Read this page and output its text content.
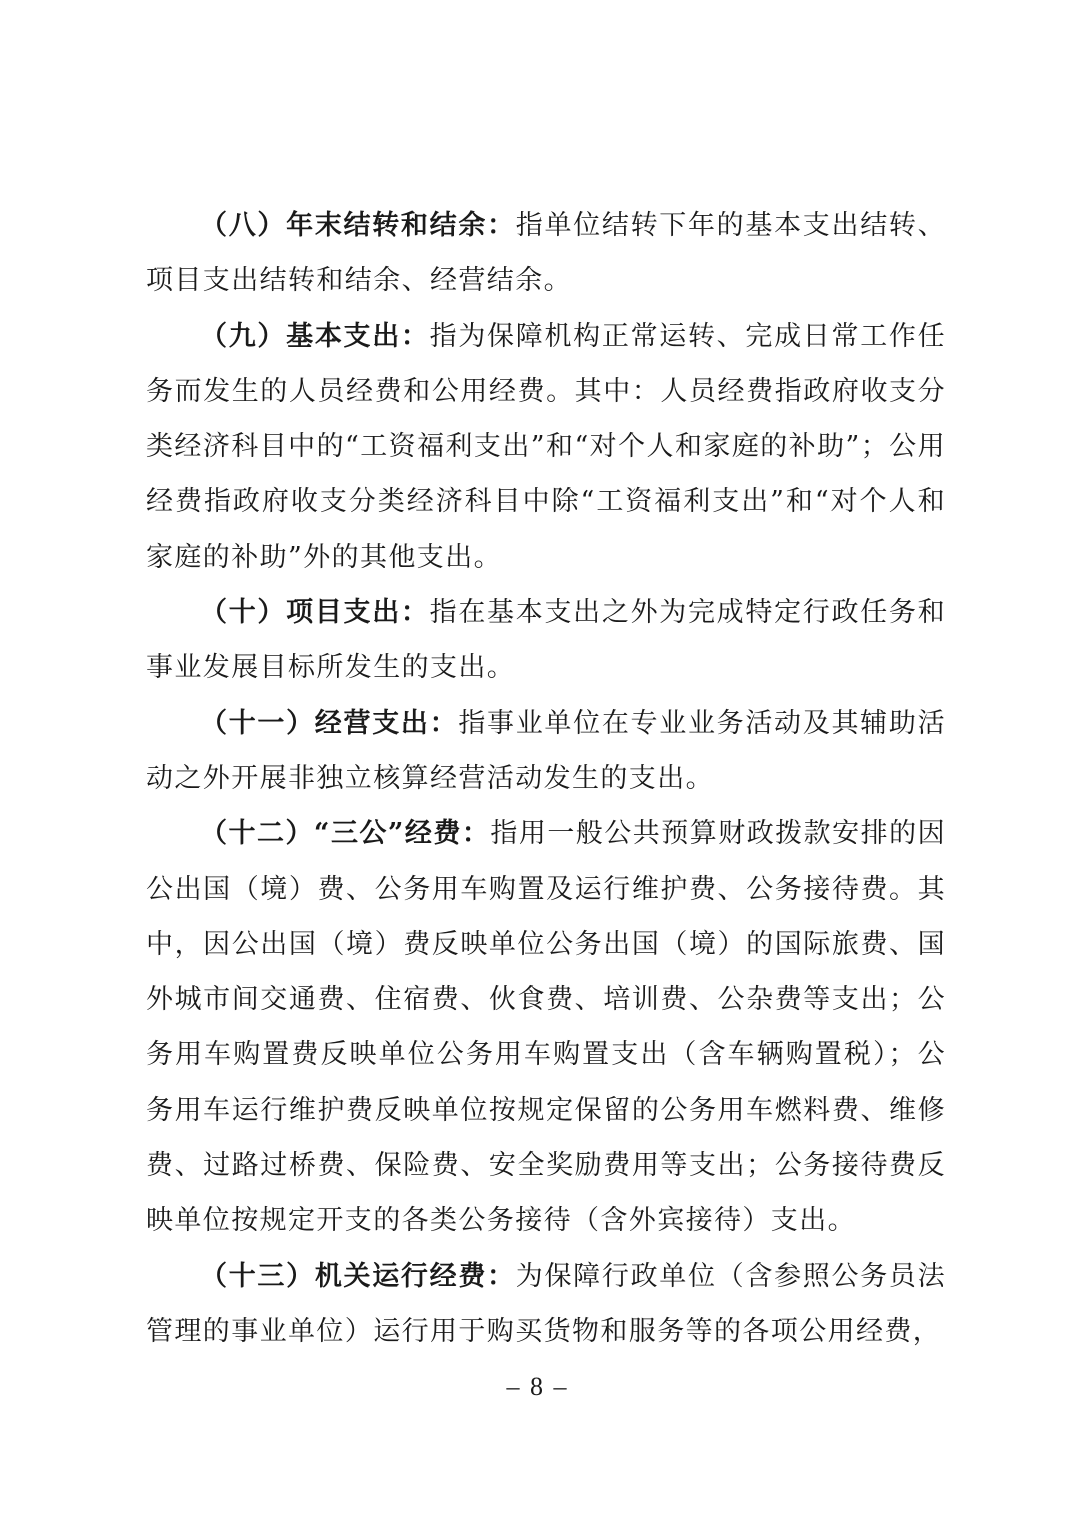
（八）年末结转和结余：指单位结转下年的基本支出结转、项目支出结转和结余、经营结余。

（九）基本支出：指为保障机构正常运转、完成日常工作任务而发生的人员经费和公用经费。其中：人员经费指政府收支分类经济科目中的“工资福利支出”和“对个人和家庭的补助”；公用经费指政府收支分类经济科目中除“工资福利支出”和“对个人和家庭的补助”外的其他支出。

（十）项目支出：指在基本支出之外为完成特定行政任务和事业发展目标所发生的支出。

（十一）经营支出：指事业单位在专业业务活动及其辅助活动之外开展非独立核算经营活动发生的支出。

（十二）“三公”经费：指用一般公共预算财政拨款安排的因公出国（境）费、公务用车购置及运行维护费、公务接待费。其中，因公出国（境）费反映单位公务出国（境）的国际旅费、国外城市间交通费、住宿费、伙食费、培训费、公杂费等支出；公务用车购置费反映单位公务用车购置支出（含车辆购置税）；公务用车运行维护费反映单位按规定保留的公务用车燃料费、维修费、过路过桥费、保险费、安全奖励费用等支出；公务接待费反映单位按规定开支的各类公务接待（含外宾接待）支出。

（十三）机关运行经费：为保障行政单位（含参照公务员法管理的事业单位）运行用于购买货物和服务等的各项公用经费，

– 8 –
